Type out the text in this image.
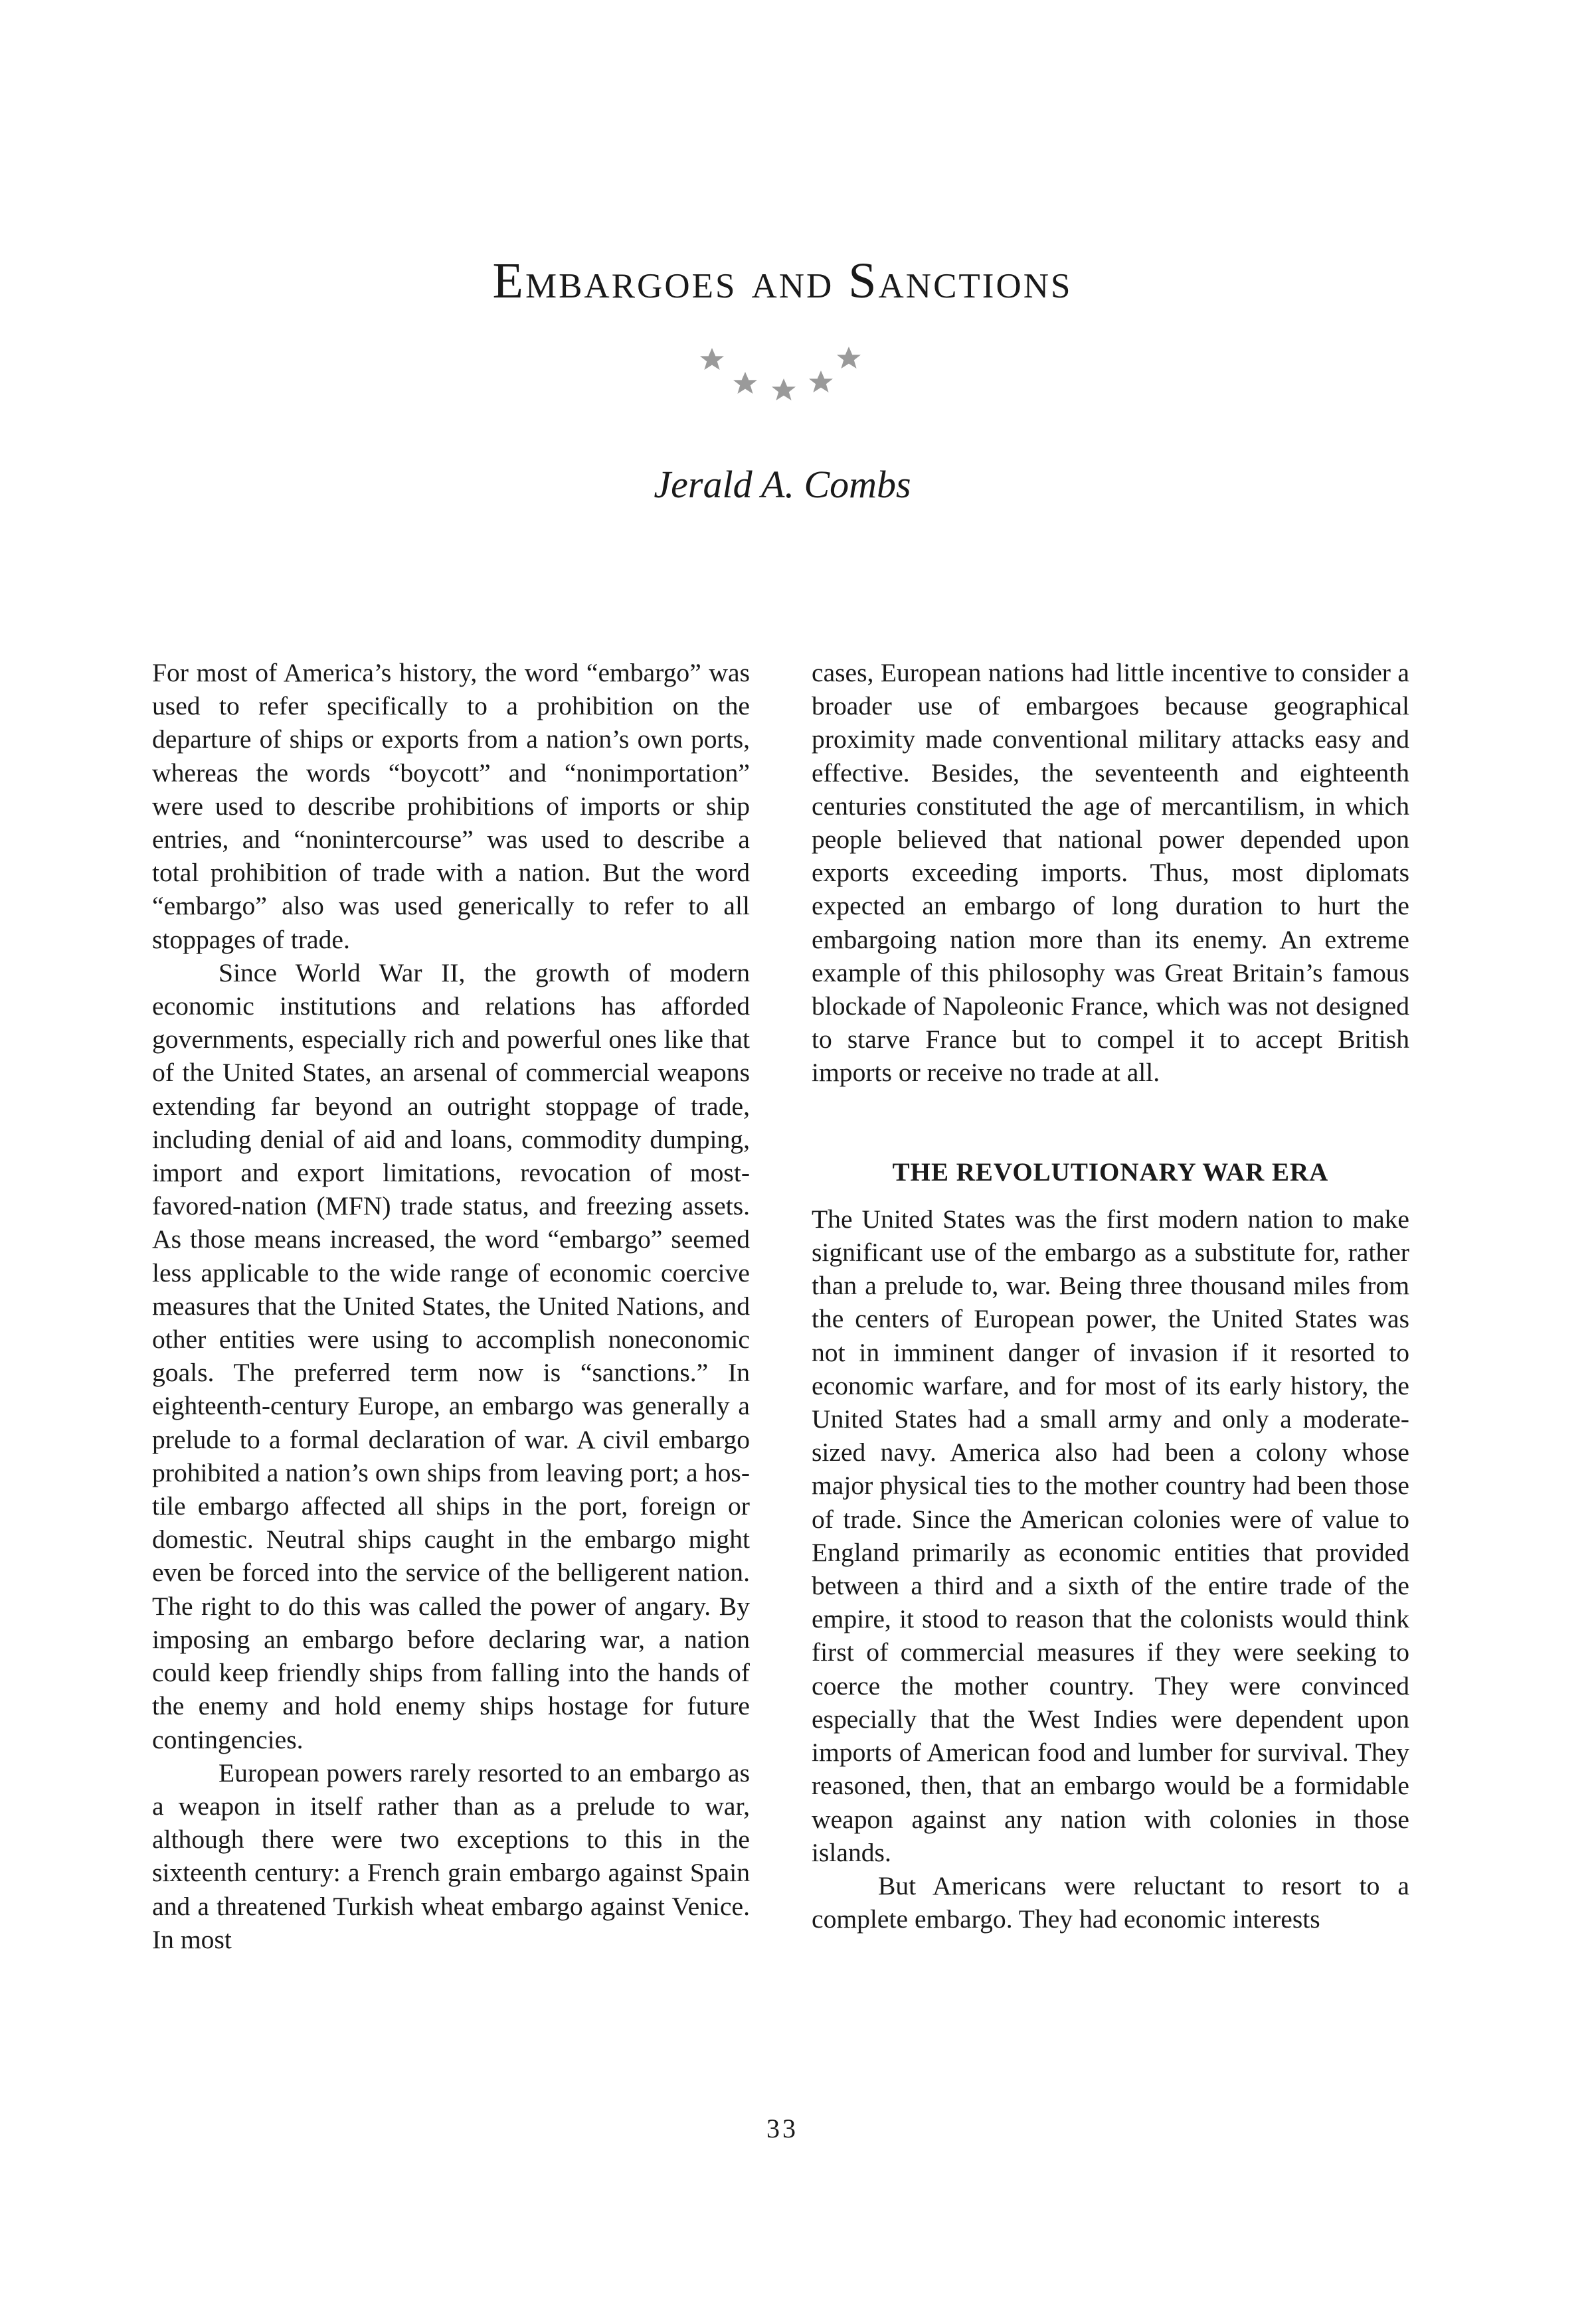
Embargoes and Sanctions
Jerald A. Combs

For most of America’s history, the word “embargo” was used to refer specifically to a prohibition on the departure of ships or exports from a nation’s own ports, whereas the words “boycott” and “nonimportation” were used to describe prohibitions of imports or ship entries, and “nonintercourse” was used to describe a total prohibition of trade with a nation. But the word “embargo” also was used generically to refer to all stoppages of trade.

Since World War II, the growth of modern economic institutions and relations has afforded governments, especially rich and powerful ones like that of the United States, an arsenal of commercial weapons extending far beyond an outright stoppage of trade, including denial of aid and loans, commodity dumping, import and export limitations, revocation of most-favored-nation (MFN) trade status, and freezing assets. As those means increased, the word “embargo” seemed less applicable to the wide range of economic coercive measures that the United States, the United Nations, and other entities were using to accomplish noneconomic goals. The preferred term now is “sanctions.” In eighteenth-century Europe, an embargo was generally a prelude to a formal declaration of war. A civil embargo prohibited a nation’s own ships from leaving port; a hostile embargo affected all ships in the port, foreign or domestic. Neutral ships caught in the embargo might even be forced into the service of the belligerent nation. The right to do this was called the power of angary. By imposing an embargo before declaring war, a nation could keep friendly ships from falling into the hands of the enemy and hold enemy ships hostage for future contingencies.

European powers rarely resorted to an embargo as a weapon in itself rather than as a prelude to war, although there were two exceptions to this in the sixteenth century: a French grain embargo against Spain and a threatened Turkish wheat embargo against Venice. In most

cases, European nations had little incentive to consider a broader use of embargoes because geographical proximity made conventional military attacks easy and effective. Besides, the seventeenth and eighteenth centuries constituted the age of mercantilism, in which people believed that national power depended upon exports exceeding imports. Thus, most diplomats expected an embargo of long duration to hurt the embargoing nation more than its enemy. An extreme example of this philosophy was Great Britain’s famous blockade of Napoleonic France, which was not designed to starve France but to compel it to accept British imports or receive no trade at all.

THE REVOLUTIONARY WAR ERA

The United States was the first modern nation to make significant use of the embargo as a substitute for, rather than a prelude to, war. Being three thousand miles from the centers of European power, the United States was not in imminent danger of invasion if it resorted to economic warfare, and for most of its early history, the United States had a small army and only a moderate-sized navy. America also had been a colony whose major physical ties to the mother country had been those of trade. Since the American colonies were of value to England primarily as economic entities that provided between a third and a sixth of the entire trade of the empire, it stood to reason that the colonists would think first of commercial measures if they were seeking to coerce the mother country. They were convinced especially that the West Indies were dependent upon imports of American food and lumber for survival. They reasoned, then, that an embargo would be a formidable weapon against any nation with colonies in those islands.

But Americans were reluctant to resort to a complete embargo. They had economic interests

33
